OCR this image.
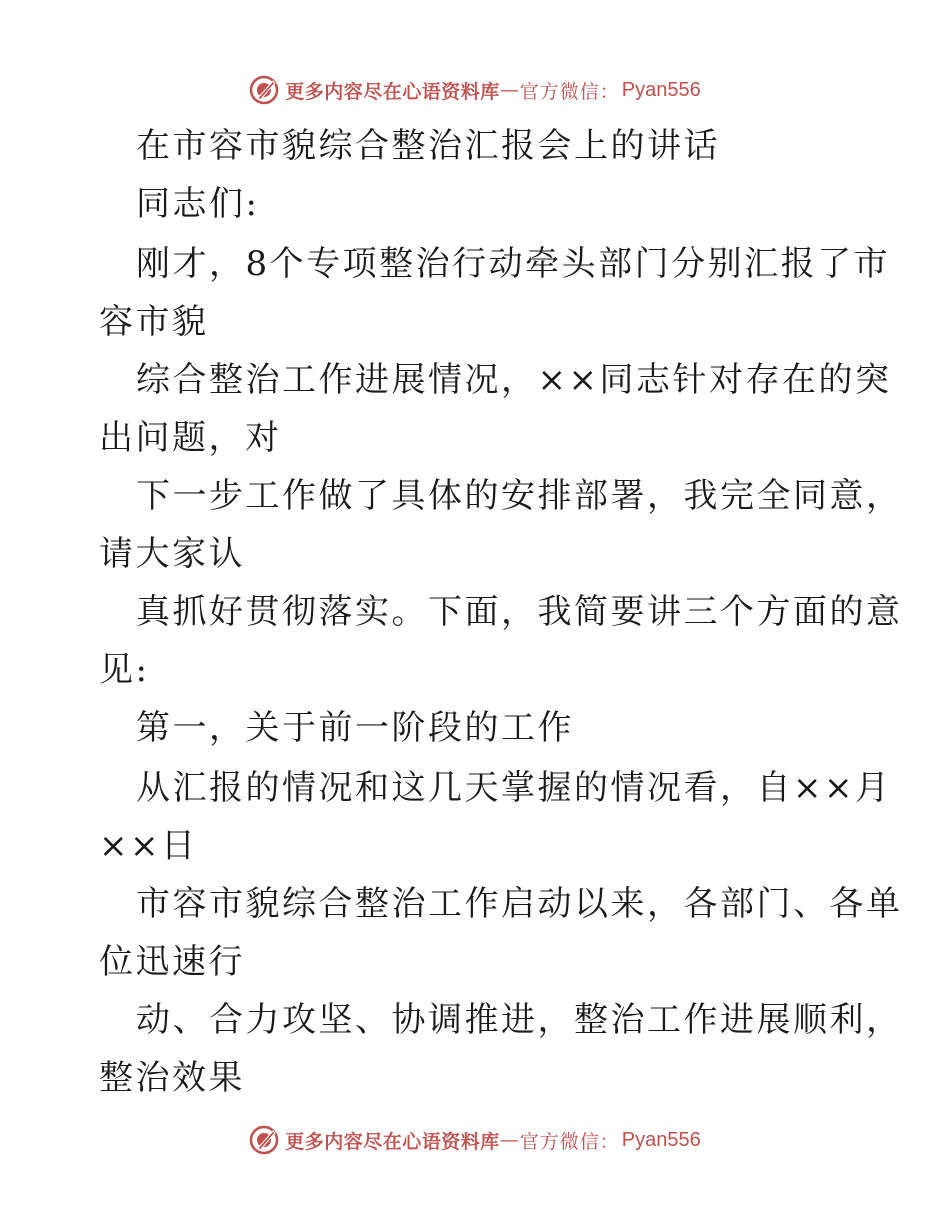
更多内容尽在心语资料库 — 官方微信： Pyan556
在市容市貌综合整治汇报会上的讲话
同志们:
刚才，8个专项整治行动牵头部门分别汇报了市
容市貌
综合整治工作进展情况，××同志针对存在的突
出问题，对
下一步工作做了具体的安排部署，我完全同意，
请大家认
真抓好贯彻落实。下面，我简要讲三个方面的意
见:
第一，关于前一阶段的工作
从汇报的情况和这几天掌握的情况看，自××月
××日
市容市貌综合整治工作启动以来，各部门、各单
位迅速行
动、合力攻坚、协调推进，整治工作进展顺利，
整治效果
更多内容尽在心语资料库 — 官方微信： Pyan556
